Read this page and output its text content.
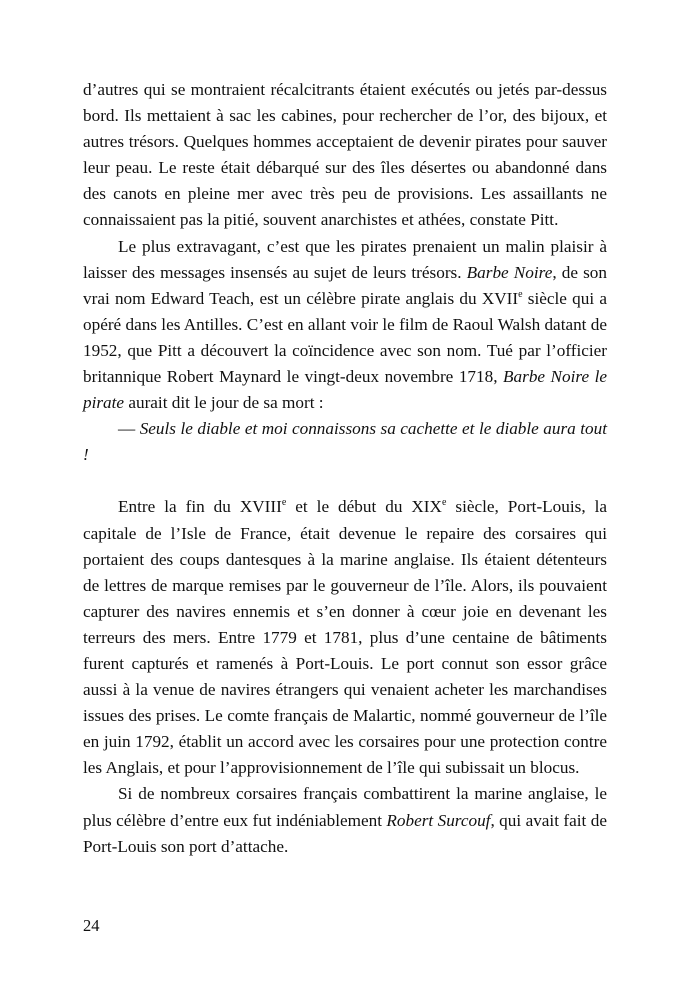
d’autres qui se montraient récalcitrants étaient exécutés ou jetés par-dessus bord. Ils mettaient à sac les cabines, pour rechercher de l’or, des bijoux, et autres trésors. Quelques hommes acceptaient de devenir pirates pour sauver leur peau. Le reste était débarqué sur des îles désertes ou abandonné dans des canots en pleine mer avec très peu de provisions. Les assaillants ne connaissaient pas la pitié, souvent anarchistes et athées, constate Pitt.

Le plus extravagant, c’est que les pirates prenaient un malin plaisir à laisser des messages insensés au sujet de leurs trésors. Barbe Noire, de son vrai nom Edward Teach, est un célèbre pirate anglais du XVIIe siècle qui a opéré dans les Antilles. C’est en allant voir le film de Raoul Walsh datant de 1952, que Pitt a découvert la coïncidence avec son nom. Tué par l’officier britannique Robert Maynard le vingt-deux novembre 1718, Barbe Noire le pirate aurait dit le jour de sa mort :

— Seuls le diable et moi connaissons sa cachette et le diable aura tout !

Entre la fin du XVIIIe et le début du XIXe siècle, Port-Louis, la capitale de l’Isle de France, était devenue le repaire des corsaires qui portaient des coups dantesques à la marine anglaise. Ils étaient détenteurs de lettres de marque remises par le gouverneur de l’île. Alors, ils pouvaient capturer des navires ennemis et s’en donner à cœur joie en devenant les terreurs des mers. Entre 1779 et 1781, plus d’une centaine de bâtiments furent capturés et ramenés à Port-Louis. Le port connut son essor grâce aussi à la venue de navires étrangers qui venaient acheter les marchandises issues des prises. Le comte français de Malartic, nommé gouverneur de l’île en juin 1792, établit un accord avec les corsaires pour une protection contre les Anglais, et pour l’approvisionnement de l’île qui subissait un blocus.

Si de nombreux corsaires français combattirent la marine anglaise, le plus célèbre d’entre eux fut indéniablement Robert Surcouf, qui avait fait de Port-Louis son port d’attache.

24
